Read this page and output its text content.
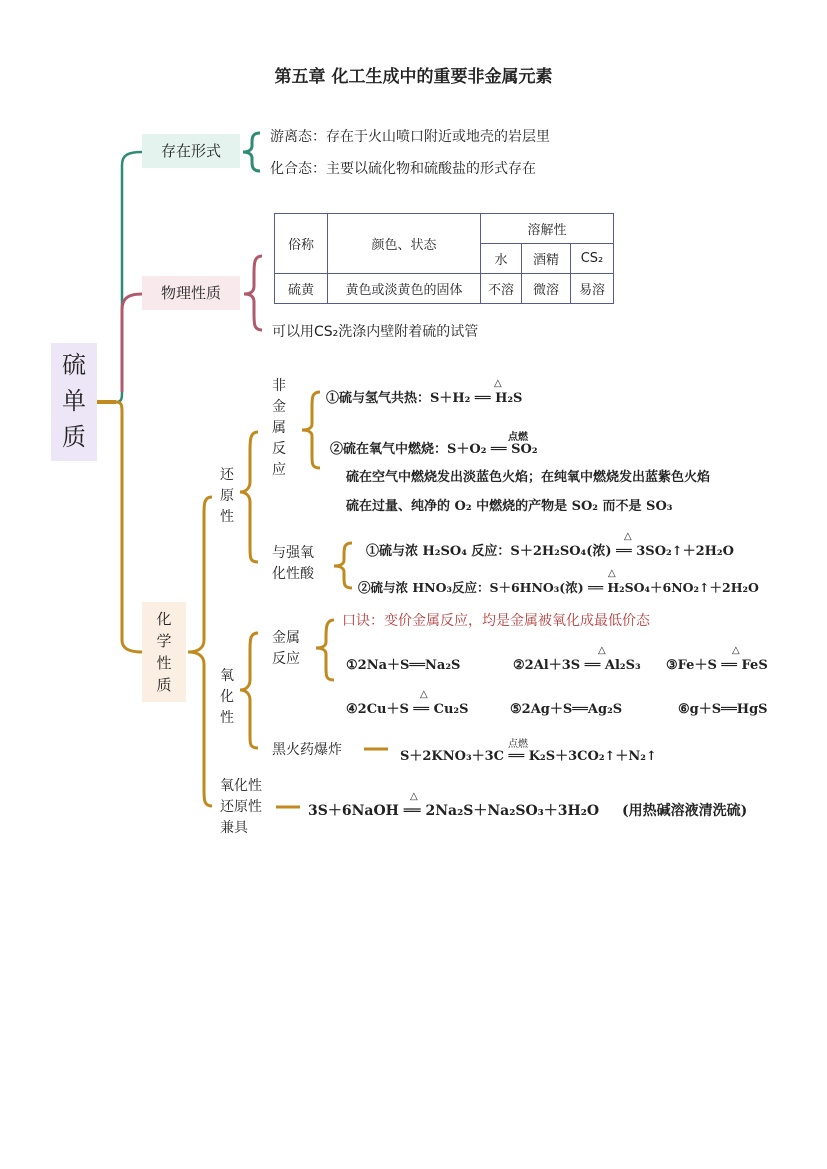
第五章 化工生成中的重要非金属元素
硫
单
质
存在形式
游离态：存在于火山喷口附近或地壳的岩层里
化合态：主要以硫化物和硫酸盐的形式存在
物理性质
俗称	颜色、状态	溶解性		
		水	酒精	CS₂
硫黄	黄色或淡黄色的固体	不溶	微溶	易溶
可以用CS₂洗涤内壁附着硫的试管
化
学
性
质
还
原
性
非
金
属
反
应
△
①硫与氢气共热：S＋H₂ ══ H₂S
点燃
②硫在氧气中燃烧：S＋O₂ ══ SO₂
硫在空气中燃烧发出淡蓝色火焰；在纯氧中燃烧发出蓝紫色火焰
硫在过量、纯净的 O₂ 中燃烧的产物是 SO₂ 而不是 SO₃
与强氧
化性酸
△
①硫与浓 H₂SO₄ 反应：S＋2H₂SO₄(浓) ══ 3SO₂↑＋2H₂O
△
②硫与浓 HNO₃反应：S＋6HNO₃(浓) ══ H₂SO₄＋6NO₂↑＋2H₂O
氧
化
性
金属
反应
口诀：变价金属反应，均是金属被氧化成最低价态
①2Na＋S══Na₂S
△
②2Al＋3S ══ Al₂S₃
△
③Fe＋S ══ FeS
△
④2Cu＋S ══ Cu₂S	⑤2Ag＋S══Ag₂S	⑥g＋S══HgS
黑火药爆炸	点燃
S＋2KNO₃＋3C ══ K₂S＋3CO₂↑＋N₂↑
氧化性
还原性
兼具
△
3S＋6NaOH ══ 2Na₂S＋Na₂SO₃＋3H₂O (用热碱溶液清洗硫)
